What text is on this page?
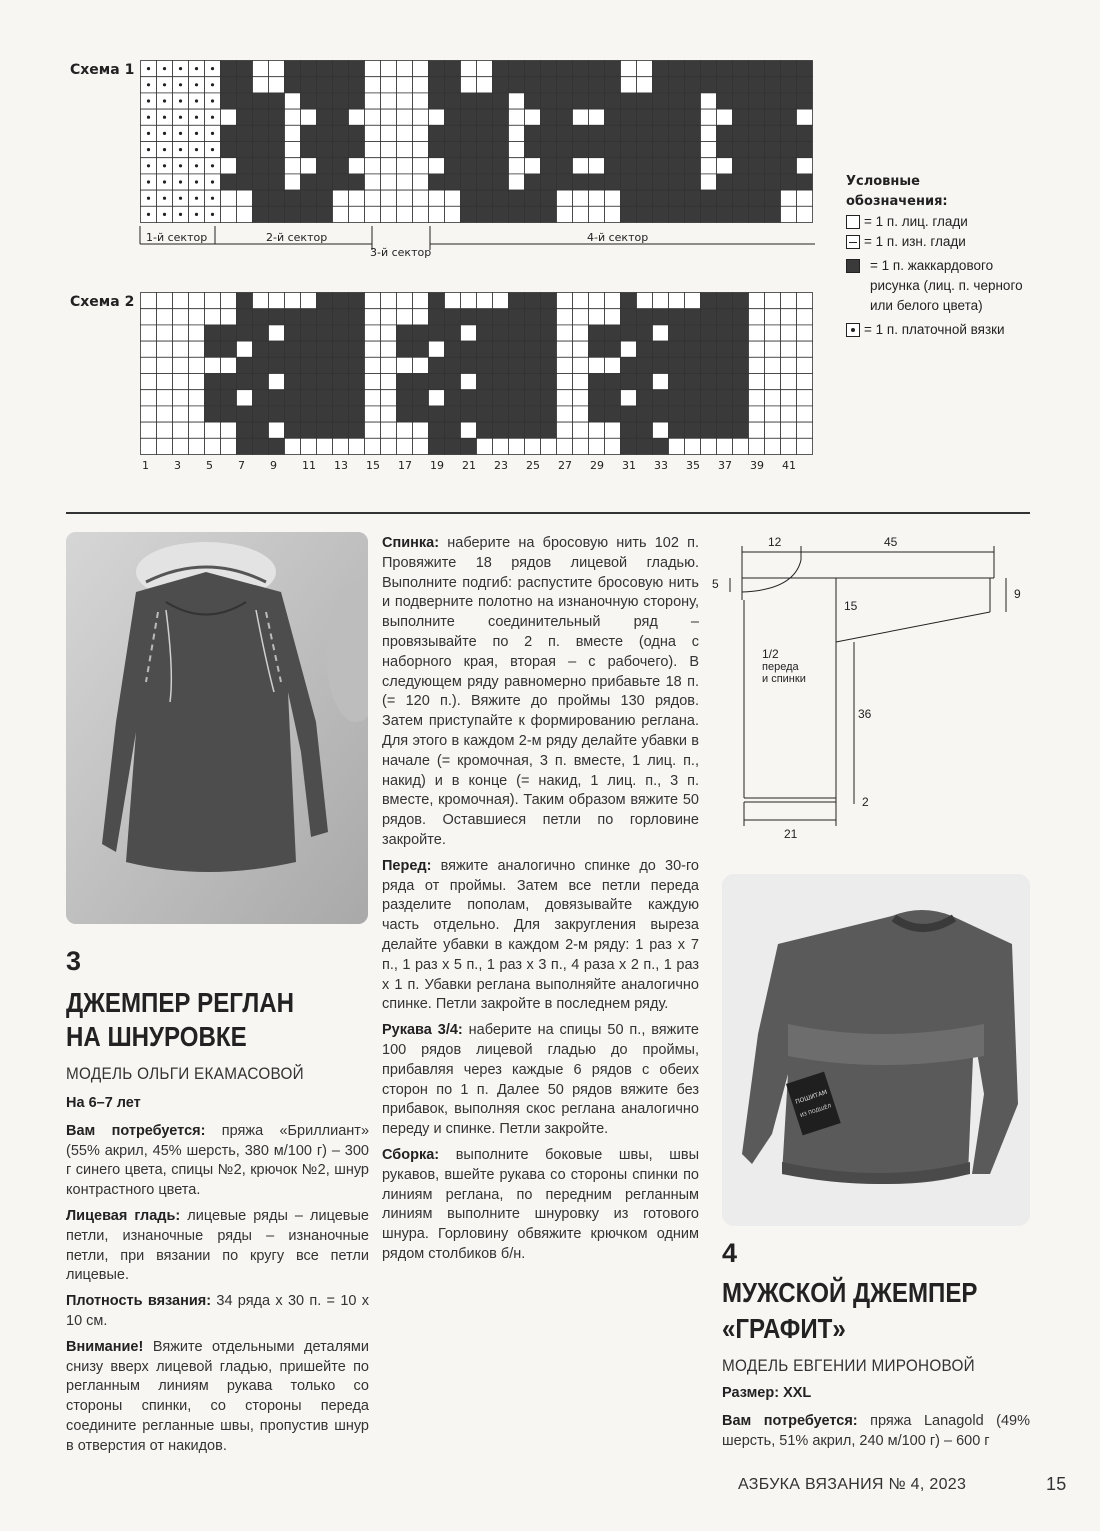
Схема 1
1-й сектор	2-й сектор
3-й сектор
4-й сектор
Схема 2
1 3 5 7 9 11 13 15 17 19 21 23 25 27 29 31 33 35 37 39 41
Условные
обозначения:
= 1 п. лиц. глади
= 1 п. изн. глади
= 1 п. жаккардового рисунка (лиц. п. черного или белого цвета)
= 1 п. платочной вязки
3
ДЖЕМПЕР РЕГЛАН
НА ШНУРОВКЕ
МОДЕЛЬ ОЛЬГИ ЕКАМАСОВОЙ

На 6–7 лет

Вам потребуется: пряжа «Бриллиант» (55% акрил, 45% шерсть, 380 м/100 г) – 300 г синего цвета, спицы №2, крючок №2, шнур контрастного цвета.

Лицевая гладь: лицевые ряды – лицевые петли, изнаночные ряды – изнаночные петли, при вязании по кругу все петли лицевые.

Плотность вязания: 34 ряда х 30 п. = 10 х 10 см.

Внимание! Вяжите отдельными деталями снизу вверх лицевой гладью, пришейте по регланным линиям рукава только со стороны спинки, со стороны переда соедините регланные швы, пропустив шнур в отверстия от накидов.

Спинка: наберите на бросовую нить 102 п. Провяжите 18 рядов лицевой гладью. Выполните подгиб: распустите бросовую нить и подверните полотно на изнаночную сторону, выполните соединительный ряд – провязывайте по 2 п. вместе (одна с наборного края, вторая – с рабочего). В следующем ряду равномерно прибавьте 18 п. (= 120 п.). Вяжите до проймы 130 рядов. Затем приступайте к формированию реглана. Для этого в каждом 2-м ряду делайте убавки в начале (= кромочная, 3 п. вместе, 1 лиц. п., накид) и в конце (= накид, 1 лиц. п., 3 п. вместе, кромочная). Таким образом вяжите 50 рядов. Оставшиеся петли по горловине закройте.

Перед: вяжите аналогично спинке до 30-го ряда от проймы. Затем все петли переда разделите пополам, довязывайте каждую часть отдельно. Для закругления выреза делайте убавки в каждом 2-м ряду: 1 раз х 7 п., 1 раз х 5 п., 1 раз х 3 п., 4 раза х 2 п., 1 раз х 1 п. Убавки реглана выполняйте аналогично спинке. Петли закройте в последнем ряду.

Рукава 3/4: наберите на спицы 50 п., вяжите 100 рядов лицевой гладью до проймы, прибавляя через каждые 6 рядов с обеих сторон по 1 п. Далее 50 рядов вяжите без прибавок, выполняя скос реглана аналогично переду и спинке. Петли закройте.

Сборка: выполните боковые швы, швы рукавов, вшейте рукава со стороны спинки по линиям реглана, по передним регланным линиям выполните шнуровку из готового шнура. Горловину обвяжите крючком одним рядом столбиков б/н.

12	45
5
9
15
1/2
переда
и спинки
36
2
21
ПОШИТАМ
ИЗ ПОДШЁЛ
4
МУЖСКОЙ ДЖЕМПЕР
«ГРАФИТ»
МОДЕЛЬ ЕВГЕНИИ МИРОНОВОЙ

Размер: XXL

Вам потребуется: пряжа Lanagold (49% шерсть, 51% акрил, 240 м/100 г) – 600 г

АЗБУКА ВЯЗАНИЯ № 4, 2023	15
